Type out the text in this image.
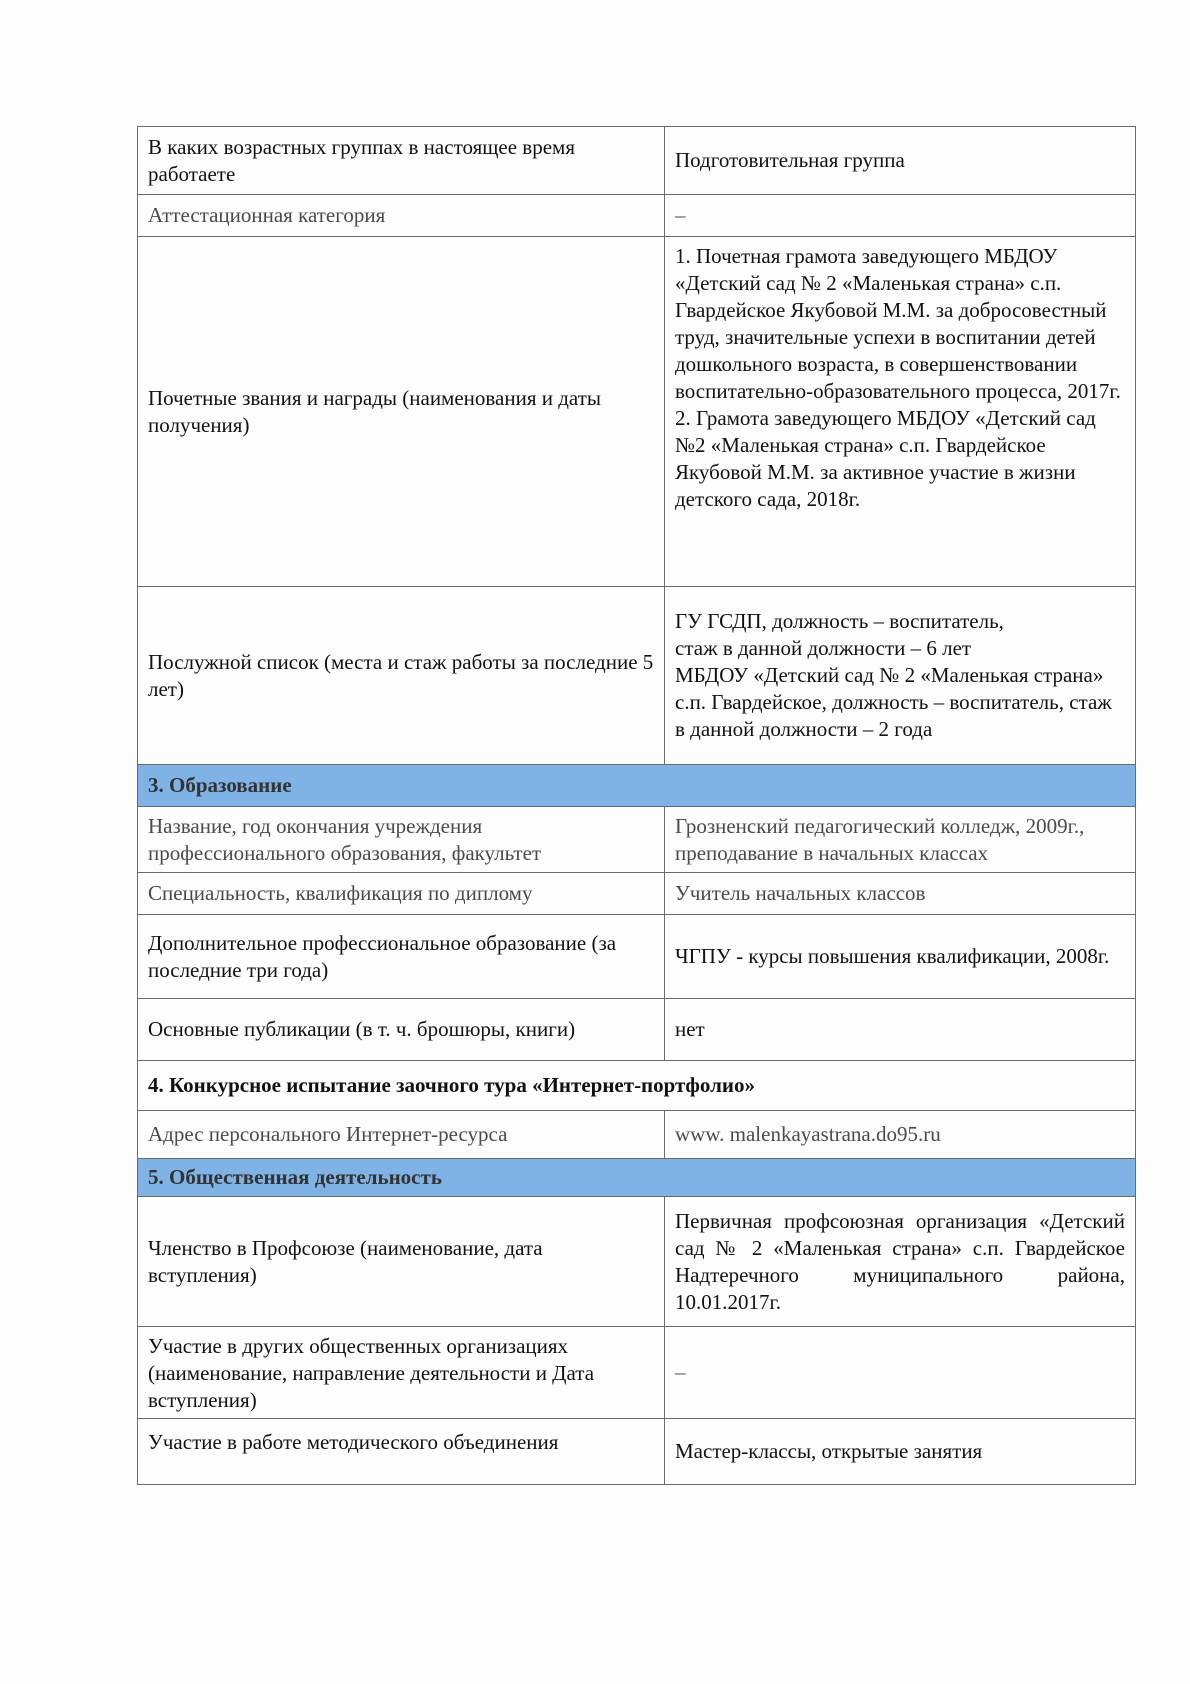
В каких возрастных группах в настоящее время работаете	Подготовительная группа
Аттестационная категория	–
Почетные звания и награды (наименования и даты получения)	1. Почетная грамота заведующего МБДОУ «Детский сад № 2 «Маленькая страна» с.п. Гвардейское Якубовой М.М. за добросовестный труд, значительные успехи в воспитании детей дошкольного возраста, в совершенствовании воспитательно-образовательного процесса, 2017г.
2. Грамота заведующего МБДОУ «Детский сад №2 «Маленькая страна» с.п. Гвардейское Якубовой М.М. за активное участие в жизни детского сада, 2018г.
Послужной список (места и стаж работы за последние 5 лет)	ГУ ГСДП, должность – воспитатель,
стаж в данной должности – 6 лет
МБДОУ «Детский сад № 2 «Маленькая страна» с.п. Гвардейское, должность – воспитатель, стаж в данной должности – 2 года
3. Образование	
Название, год окончания учреждения профессионального образования, факультет	Грозненский педагогический колледж, 2009г., преподавание в начальных классах
Специальность, квалификация по диплому	Учитель начальных классов
Дополнительное профессиональное образование (за последние три года)	ЧГПУ - курсы повышения квалификации, 2008г.
Основные публикации (в т. ч. брошюры, книги)	нет
4. Конкурсное испытание заочного тура «Интернет-портфолио»	
Адрес персонального Интернет-ресурса	www. malenkayastrana.do95.ru
5. Общественная деятельность	
Членство в Профсоюзе (наименование, дата вступления)	Первичная профсоюзная организация «Детский сад № 2 «Маленькая страна» с.п. Гвардейское Надтеречного муниципального района, 10.01.2017г.
Участие в других общественных организациях (наименование, направление деятельности и Дата вступления)	–
Участие в работе методического объединения	Мастер-классы, открытые занятия
